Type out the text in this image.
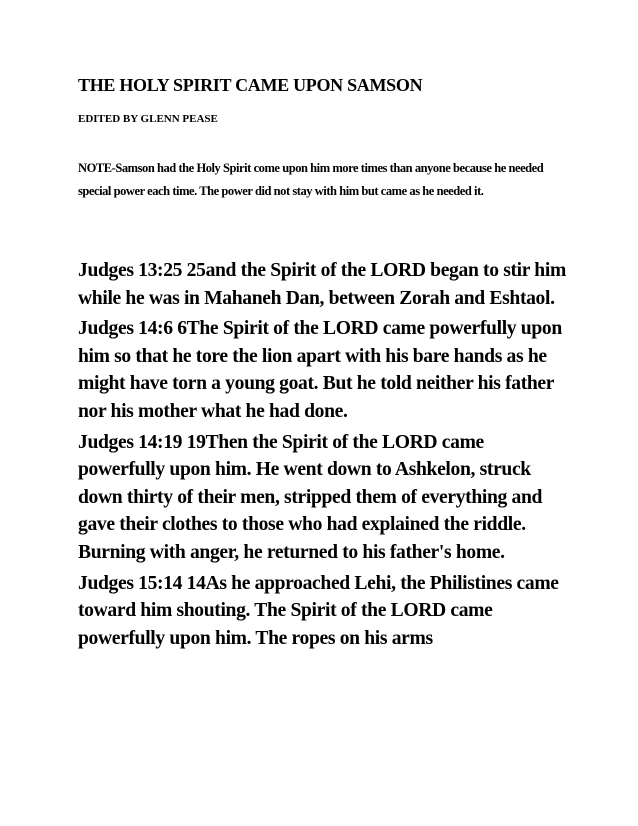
THE HOLY SPIRIT CAME UPON SAMSON

EDITED BY GLENN PEASE

NOTE-Samson had the Holy Spirit come upon him more times than anyone because he needed special power each time. The power did not stay with him but came as he needed it.

Judges 13:25 25and the Spirit of the LORD began to stir him while he was in Mahaneh Dan, between Zorah and Eshtaol.

Judges 14:6 6The Spirit of the LORD came powerfully upon him so that he tore the lion apart with his bare hands as he might have torn a young goat. But he told neither his father nor his mother what he had done.

Judges 14:19 19Then the Spirit of the LORD came powerfully upon him. He went down to Ashkelon, struck down thirty of their men, stripped them of everything and gave their clothes to those who had explained the riddle. Burning with anger, he returned to his father's home.

Judges 15:14 14As he approached Lehi, the Philistines came toward him shouting. The Spirit of the LORD came powerfully upon him. The ropes on his arms
